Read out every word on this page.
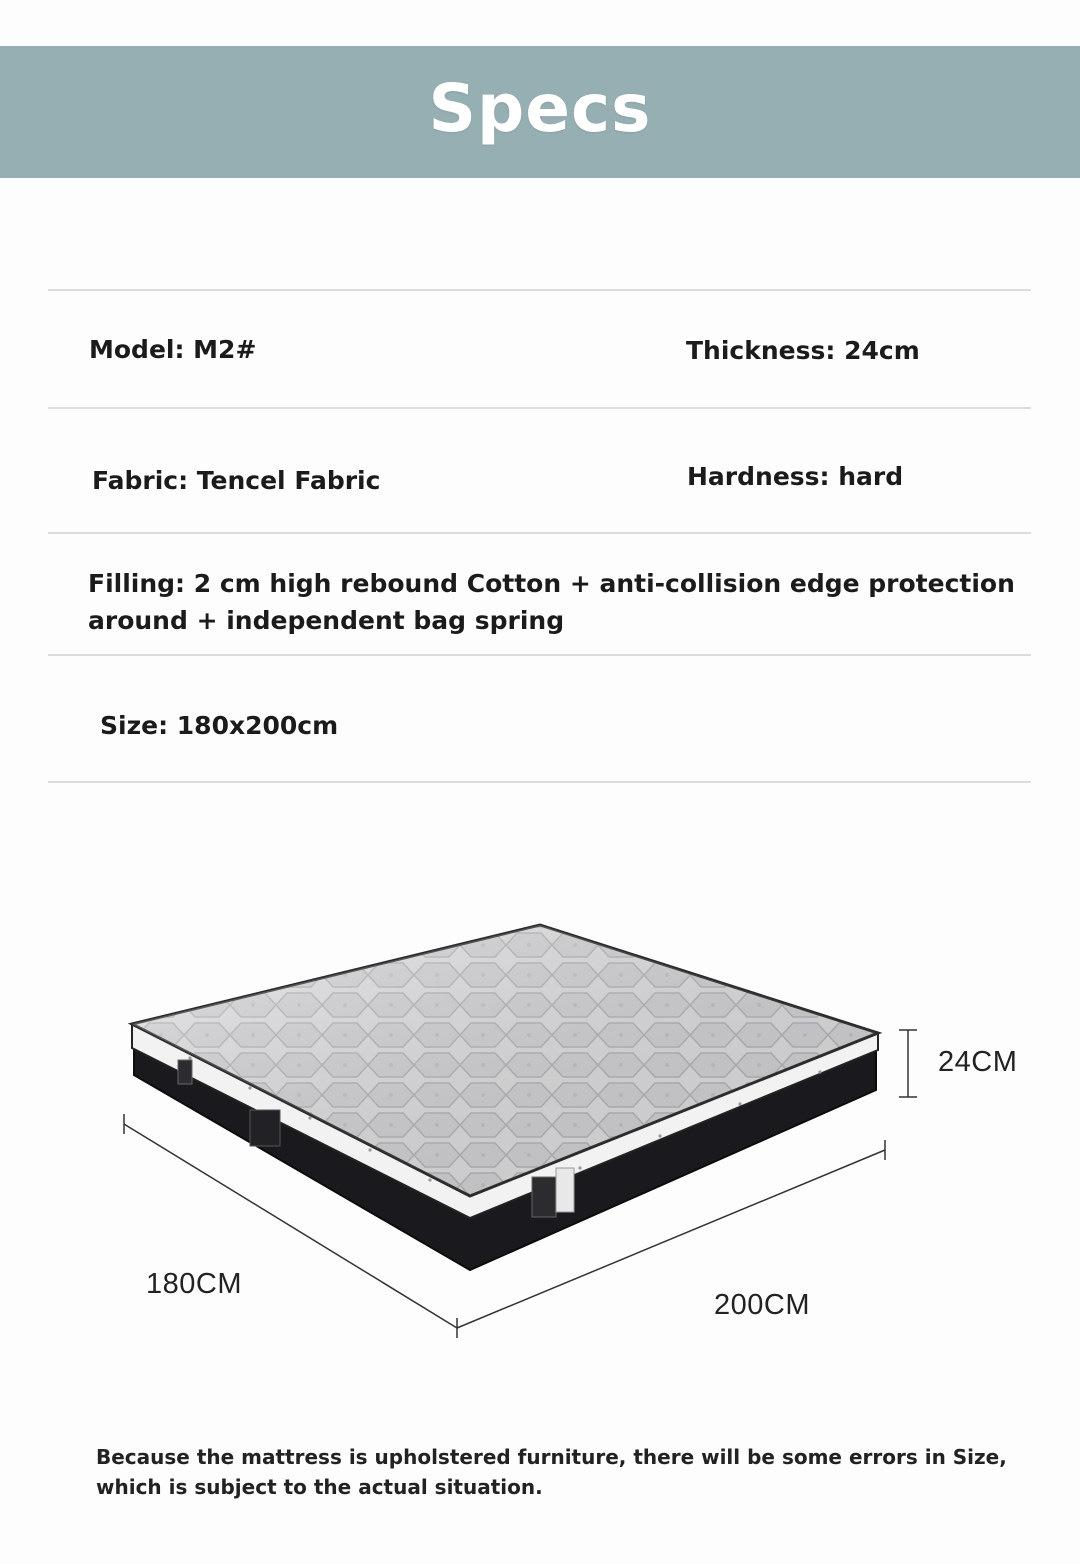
Specs
Model: M2#	Thickness: 24cm
Fabric: Tencel Fabric	Hardness: hard
Filling: 2 cm high rebound Cotton + anti-collision edge protection around + independent bag spring
Size: 180x200cm
24CM
180CM
200CM
Because the mattress is upholstered furniture, there will be some errors in Size, which is subject to the actual situation.
